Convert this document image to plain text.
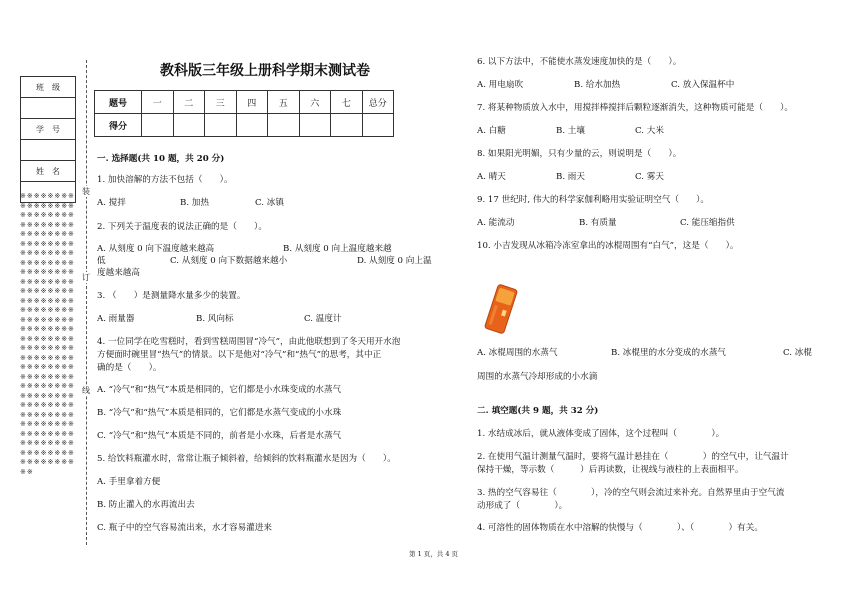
班　级

学　号

姓　名

※※※※※※※※※※※※※※※※※※※※※※※※※※※※※※※※※※※※※※※※※※※※※※※※※※※※※※※※※※※※※※※※※※※※※※※※※※※※※※※※※※※※※※※※※※※※※※※※※※※※※※※※※※※※※※※※※※※※※※※※※※※※※※※※※※※※※※※※※※※※※※※※※※※※※※※※※※※※※※※※※※※※※※※※※※※※※※※※※※※※※※※※※※※※※※※※※※※※※※※※※※※※※※※※※※※※※※※※※※※※※※※※※※※※※※※※※※
装
订
线
教科版三年级上册科学期末测试卷
题号	一	二	三	四	五	六	七	总分
得分								
一. 选择题(共 10 题，共 20 分)
1. 加快溶解的方法不包括（　　）。
A. 搅拌	B. 加热	C. 冰镇
2. 下列关于温度表的说法正确的是（　　）。
A. 从刻度 0 向下温度越来越高	B. 从刻度 0 向上温度越来越
低	C. 从刻度 0 向下数据越来越小	D. 从刻度 0 向上温
度越来越高
3. （　　）是测量降水量多少的装置。
A. 雨量器	B. 风向标	C. 温度计
4. 一位同学在吃雪糕时，看到雪糕周围冒“冷气”，由此他联想到了冬天用开水泡
方便面时碗里冒“热气”的情景。以下是他对“冷气”和“热气”的思考，其中正
确的是（　　）。
A. “冷气”和“热气”本质是相同的，它们都是小水珠变成的水蒸气
B. “冷气”和“热气”本质是相同的，它们都是水蒸气变成的小水珠
C. “冷气”和“热气”本质是不同的，前者是小水珠，后者是水蒸气
5. 给饮料瓶灌水时，常常让瓶子倾斜着，给倾斜的饮料瓶灌水是因为（　　）。
A. 手里拿着方便
B. 防止灌入的水再流出去
C. 瓶子中的空气容易流出来，水才容易灌进来
6. 以下方法中，不能使水蒸发速度加快的是（　　）。
A. 用电扇吹	B. 给水加热	C. 放入保温杯中
7. 将某种物质放入水中，用搅拌棒搅拌后颗粒逐渐消失，这种物质可能是（　　）。
A. 白糖	B. 土壤	C. 大米
8. 如果阳光明媚，只有少量的云，则说明是（　　）。
A. 晴天	B. 雨天	C. 雾天
9. 17 世纪时, 伟大的科学家伽利略用实验证明空气（　　）。
A. 能流动	B. 有质量	C. 能压缩指供
10. 小吉发现从冰箱冷冻室拿出的冰棍周围有“白气”，这是（　　）。
A. 冰棍周围的水蒸气	B. 冰棍里的水分变成的水蒸气	C. 冰棍
周围的水蒸气冷却形成的小水滴
二. 填空题(共 9 题，共 32 分)
1. 水结成冰后，就从液体变成了固体，这个过程叫（　　　　）。
2. 在使用气温计测量气温时，要将气温计悬挂在（　　　　）的空气中，让气温计
保持干燥，等示数（　　　）后再读数，让视线与液柱的上表面相平。
3. 热的空气容易往（　　　　），冷的空气则会流过来补充。自然界里由于空气流
动形成了（　　　　）。
4. 可溶性的固体物质在水中溶解的快慢与（　　　　）、（　　　　）有关。
第 1 页，共 4 页
